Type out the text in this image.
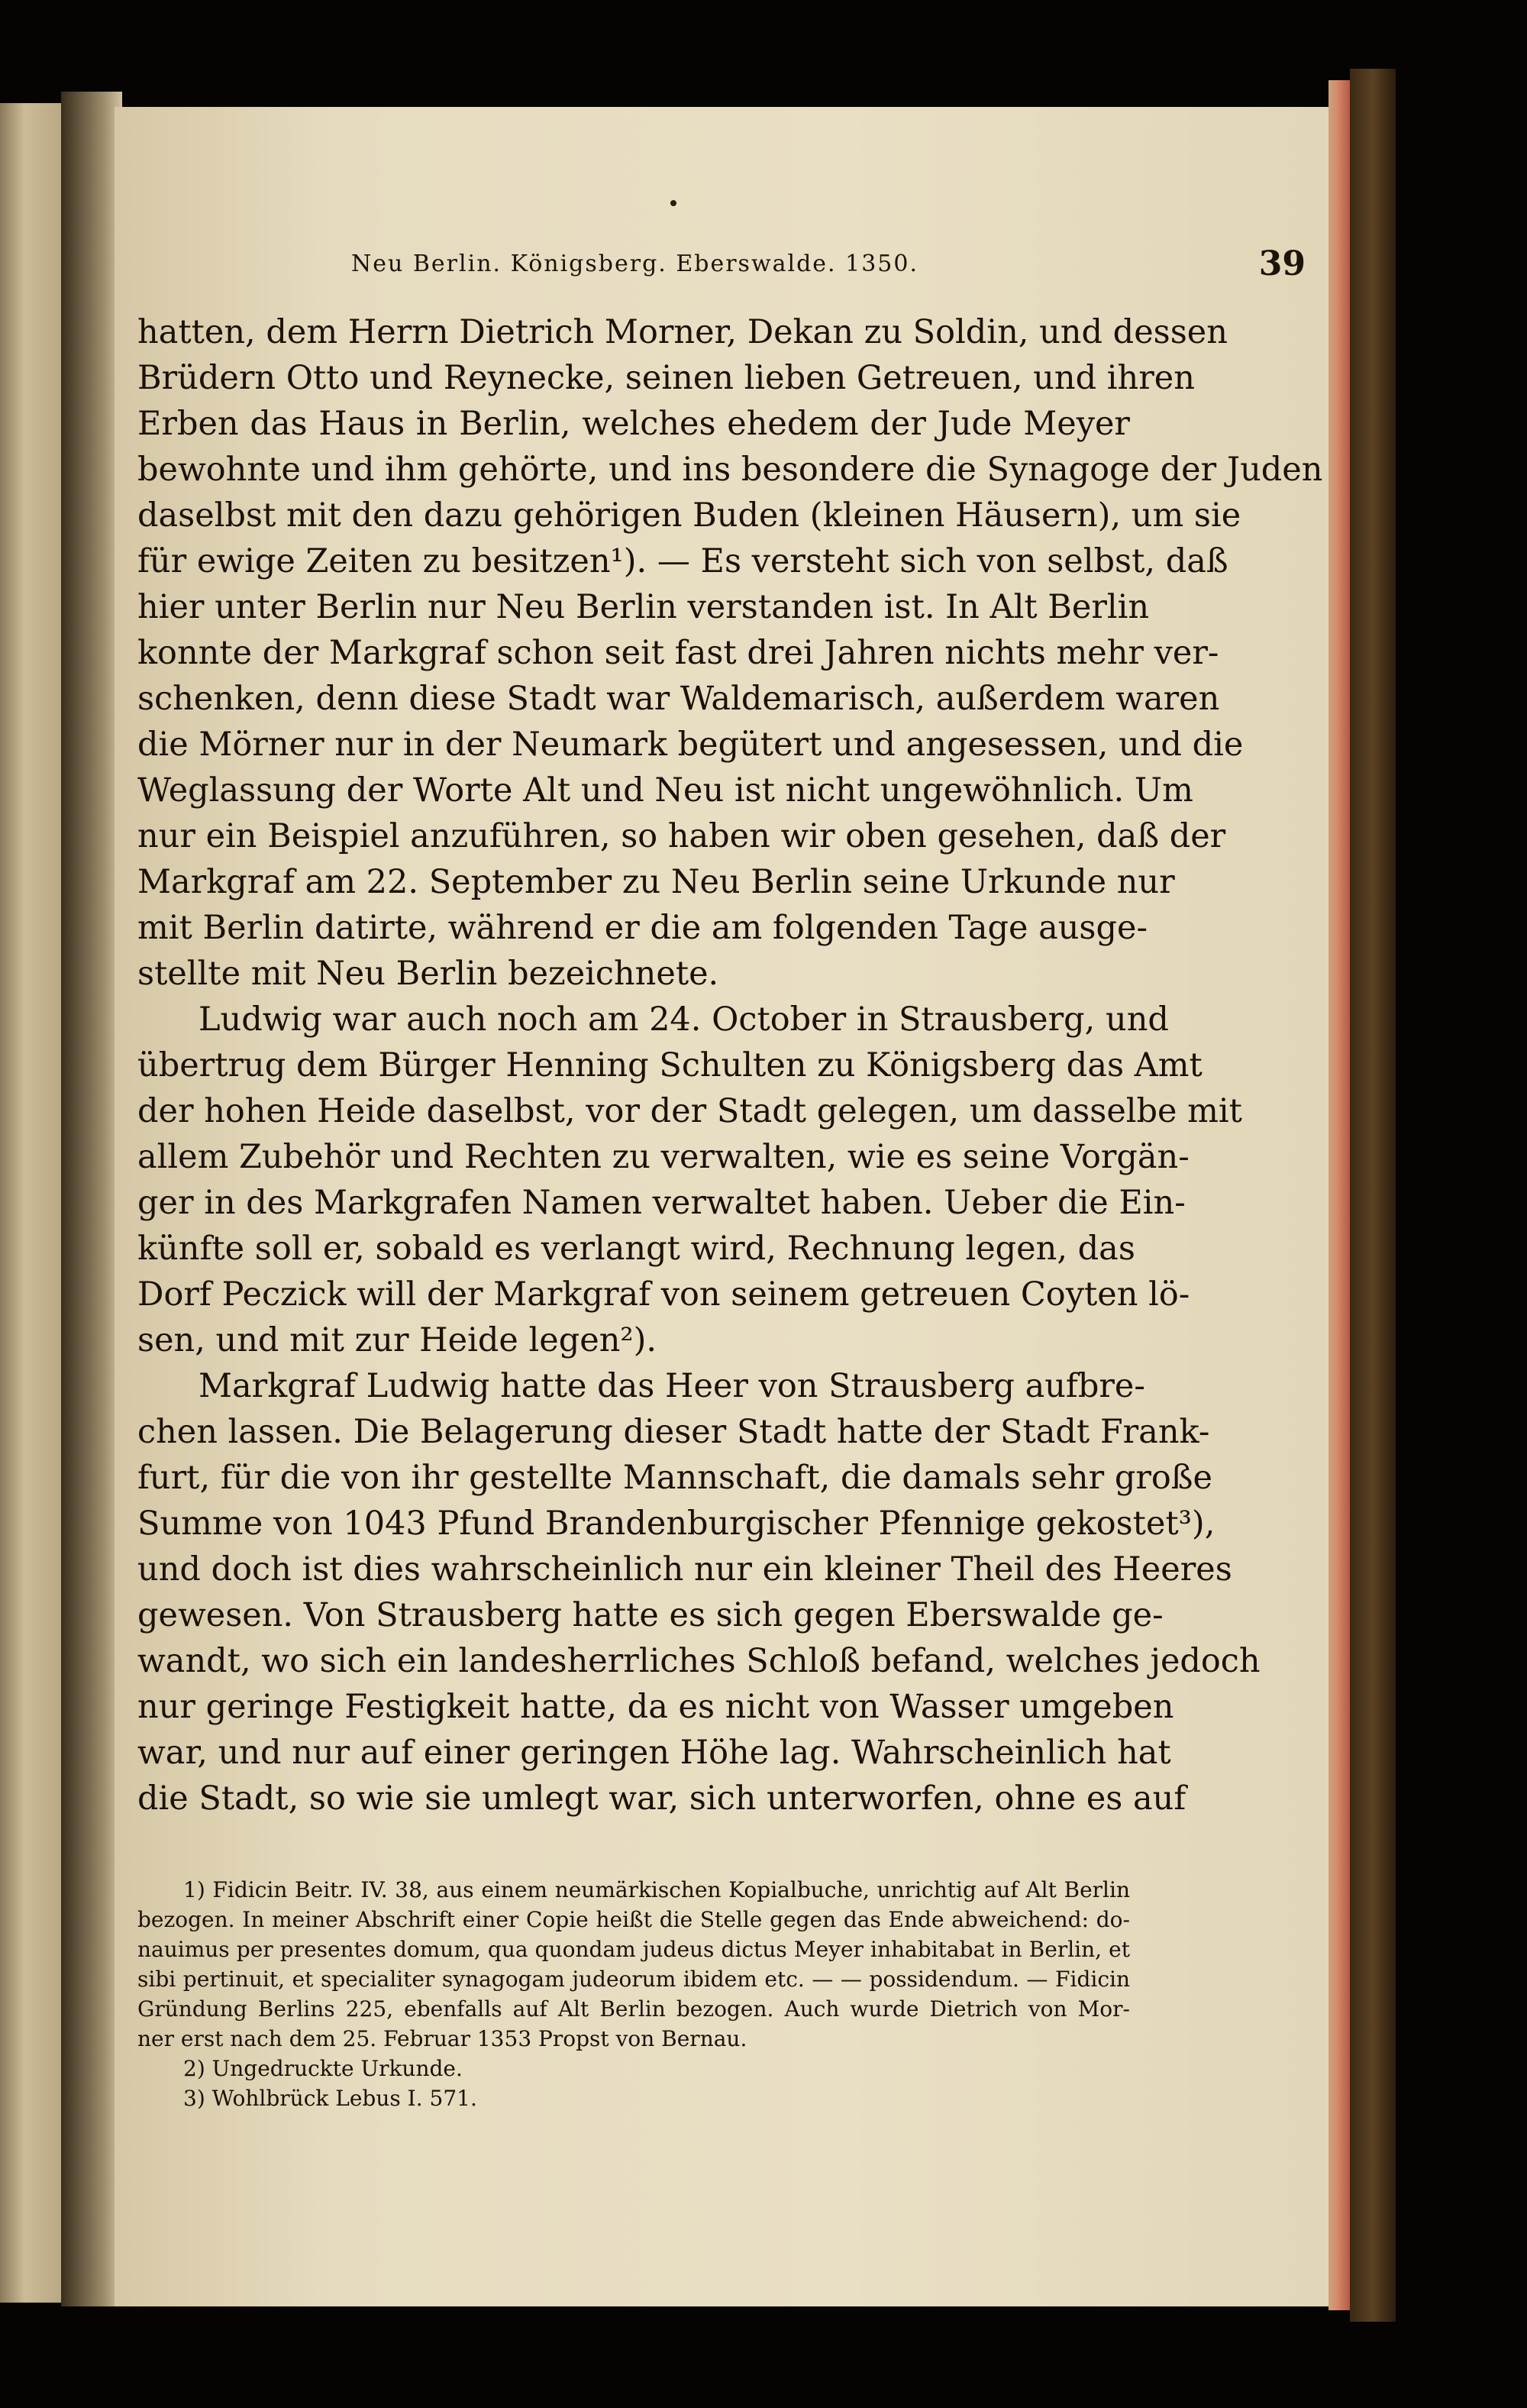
Neu Berlin. Königsberg. Eberswalde. 1350.	39
hatten, dem Herrn Dietrich Morner, Dekan zu Soldin, und dessen
Brüdern Otto und Reynecke, seinen lieben Getreuen, und ihren
Erben das Haus in Berlin, welches ehedem der Jude Meyer
bewohnte und ihm gehörte, und ins besondere die Synagoge der Juden
daselbst mit den dazu gehörigen Buden (kleinen Häusern), um sie
für ewige Zeiten zu besitzen¹). — Es versteht sich von selbst, daß
hier unter Berlin nur Neu Berlin verstanden ist. In Alt Berlin
konnte der Markgraf schon seit fast drei Jahren nichts mehr ver-
schenken, denn diese Stadt war Waldemarisch, außerdem waren
die Mörner nur in der Neumark begütert und angesessen, und die
Weglassung der Worte Alt und Neu ist nicht ungewöhnlich. Um
nur ein Beispiel anzuführen, so haben wir oben gesehen, daß der
Markgraf am 22. September zu Neu Berlin seine Urkunde nur
mit Berlin datirte, während er die am folgenden Tage ausge-
stellte mit Neu Berlin bezeichnete.
Ludwig war auch noch am 24. October in Strausberg, und
übertrug dem Bürger Henning Schulten zu Königsberg das Amt
der hohen Heide daselbst, vor der Stadt gelegen, um dasselbe mit
allem Zubehör und Rechten zu verwalten, wie es seine Vorgän-
ger in des Markgrafen Namen verwaltet haben. Ueber die Ein-
künfte soll er, sobald es verlangt wird, Rechnung legen, das
Dorf Peczick will der Markgraf von seinem getreuen Coyten lö-
sen, und mit zur Heide legen²).
Markgraf Ludwig hatte das Heer von Strausberg aufbre-
chen lassen. Die Belagerung dieser Stadt hatte der Stadt Frank-
furt, für die von ihr gestellte Mannschaft, die damals sehr große
Summe von 1043 Pfund Brandenburgischer Pfennige gekostet³),
und doch ist dies wahrscheinlich nur ein kleiner Theil des Heeres
gewesen. Von Strausberg hatte es sich gegen Eberswalde ge-
wandt, wo sich ein landesherrliches Schloß befand, welches jedoch
nur geringe Festigkeit hatte, da es nicht von Wasser umgeben
war, und nur auf einer geringen Höhe lag. Wahrscheinlich hat
die Stadt, so wie sie umlegt war, sich unterworfen, ohne es auf
1) Fidicin Beitr. IV. 38, aus einem neumärkischen Kopialbuche, unrichtig auf Alt Berlin
bezogen. In meiner Abschrift einer Copie heißt die Stelle gegen das Ende abweichend: do-
nauimus per presentes domum, qua quondam judeus dictus Meyer inhabitabat in Berlin, et
sibi pertinuit, et specialiter synagogam judeorum ibidem etc. — — possidendum. — Fidicin
Gründung Berlins 225, ebenfalls auf Alt Berlin bezogen. Auch wurde Dietrich von Mor-
ner erst nach dem 25. Februar 1353 Propst von Bernau.
2) Ungedruckte Urkunde.
3) Wohlbrück Lebus I. 571.
